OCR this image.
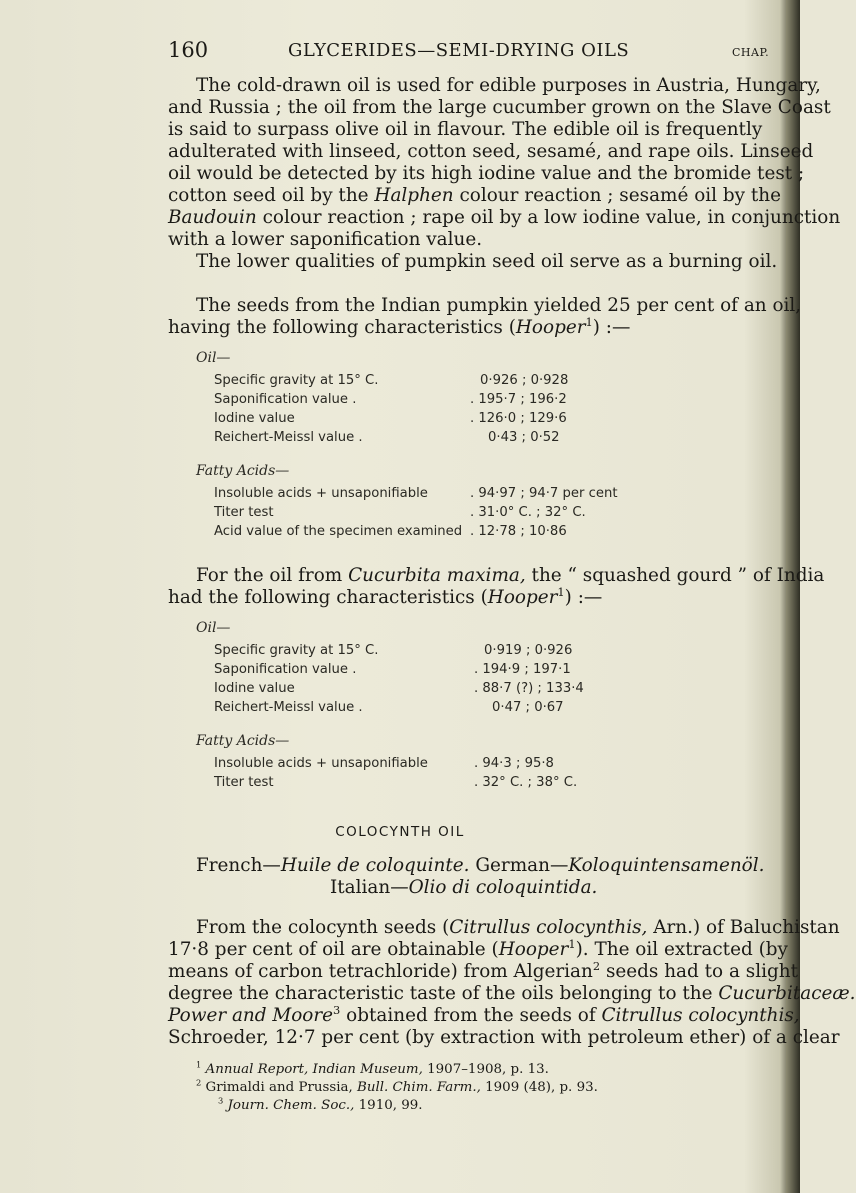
160	GLYCERIDES—SEMI-DRYING OILS	CHAP.
The cold-drawn oil is used for edible purposes in Austria, Hungary,
and Russia ; the oil from the large cucumber grown on the Slave Coast
is said to surpass olive oil in flavour. The edible oil is frequently
adulterated with linseed, cotton seed, sesamé, and rape oils. Linseed
oil would be detected by its high iodine value and the bromide test ;
cotton seed oil by the Halphen colour reaction ; sesamé oil by the
Baudouin colour reaction ; rape oil by a low iodine value, in conjunction
with a lower saponification value.
The lower qualities of pumpkin seed oil serve as a burning oil.
The seeds from the Indian pumpkin yielded 25 per cent of an oil,
having the following characteristics (Hooper$^1$) :—
Oil—
Specific gravity at 15° C.	0·926 ; 0·928
Saponification value .	. 195·7 ; 196·2
Iodine value	. 126·0 ; 129·6
Reichert-Meissl value .	0·43 ; 0·52
Fatty Acids—
Insoluble acids + unsaponifiable	. 94·97 ; 94·7 per cent
Titer test	. 31·0° C. ; 32° C.
Acid value of the specimen examined . 12·78 ; 10·86
For the oil from Cucurbita maxima, the “ squashed gourd ” of India
had the following characteristics (Hooper$^1$) :—
Oil—
Specific gravity at 15° C.	0·919 ; 0·926
Saponification value .	. 194·9 ; 197·1
Iodine value	. 88·7 (?) ; 133·4
Reichert-Meissl value .	0·47 ; 0·67
Fatty Acids—
Insoluble acids + unsaponifiable	. 94·3 ; 95·8
Titer test	. 32° C. ; 38° C.
COLOCYNTH OIL
French—Huile de coloquinte. German—Koloquintensamenöl.
Italian—Olio di coloquintida.
From the colocynth seeds (Citrullus colocynthis, Arn.) of Baluchistan
17·8 per cent of oil are obtainable (Hooper$^1$). The oil extracted (by
means of carbon tetrachloride) from Algerian$^2$ seeds had to a slight
degree the characteristic taste of the oils belonging to the Cucurbitaceæ.
Power and Moore$^3$ obtained from the seeds of Citrullus colocynthis,
Schroeder, 12·7 per cent (by extraction with petroleum ether) of a clear
$^1$ Annual Report, Indian Museum, 1907–1908, p. 13.
$^2$ Grimaldi and Prussia, Bull. Chim. Farm., 1909 (48), p. 93.
$^3$ Journ. Chem. Soc., 1910, 99.
